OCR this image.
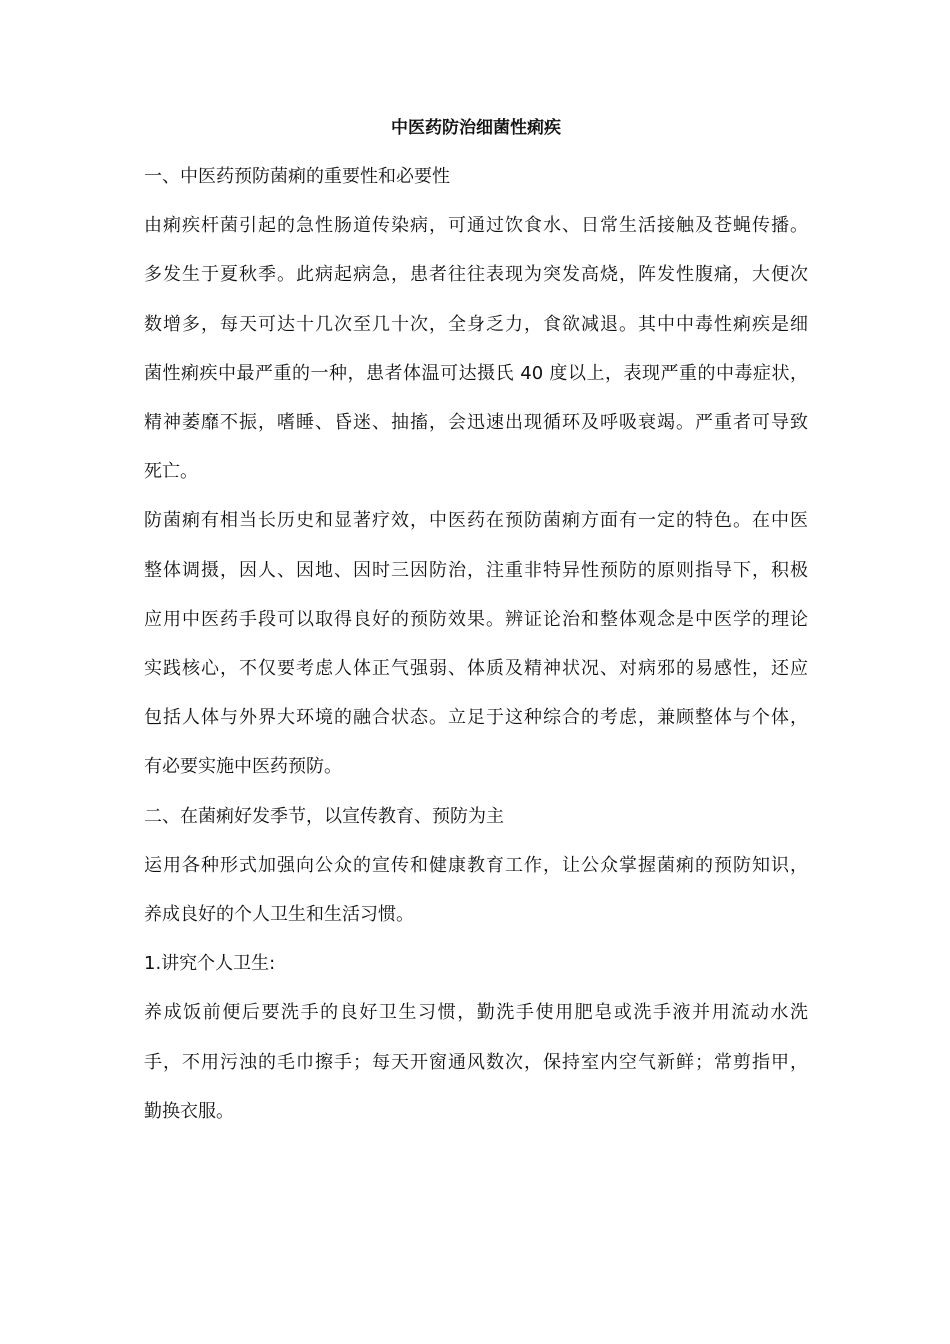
中医药防治细菌性痢疾
一、中医药预防菌痢的重要性和必要性
由痢疾杆菌引起的急性肠道传染病，可通过饮食水、日常生活接触及苍蝇传播。
多发生于夏秋季。此病起病急，患者往往表现为突发高烧，阵发性腹痛，大便次
数增多，每天可达十几次至几十次，全身乏力，食欲减退。其中中毒性痢疾是细
菌性痢疾中最严重的一种，患者体温可达摄氏 40 度以上，表现严重的中毒症状，
精神萎靡不振，嗜睡、昏迷、抽搐，会迅速出现循环及呼吸衰竭。严重者可导致
死亡。
防菌痢有相当长历史和显著疗效，中医药在预防菌痢方面有一定的特色。在中医
整体调摄，因人、因地、因时三因防治，注重非特异性预防的原则指导下，积极
应用中医药手段可以取得良好的预防效果。辨证论治和整体观念是中医学的理论
实践核心，不仅要考虑人体正气强弱、体质及精神状况、对病邪的易感性，还应
包括人体与外界大环境的融合状态。立足于这种综合的考虑，兼顾整体与个体，
有必要实施中医药预防。
二、在菌痢好发季节，以宣传教育、预防为主
运用各种形式加强向公众的宣传和健康教育工作，让公众掌握菌痢的预防知识，
养成良好的个人卫生和生活习惯。
1.讲究个人卫生:
养成饭前便后要洗手的良好卫生习惯，勤洗手使用肥皂或洗手液并用流动水洗
手，不用污浊的毛巾擦手；每天开窗通风数次，保持室内空气新鲜；常剪指甲，
勤换衣服。
